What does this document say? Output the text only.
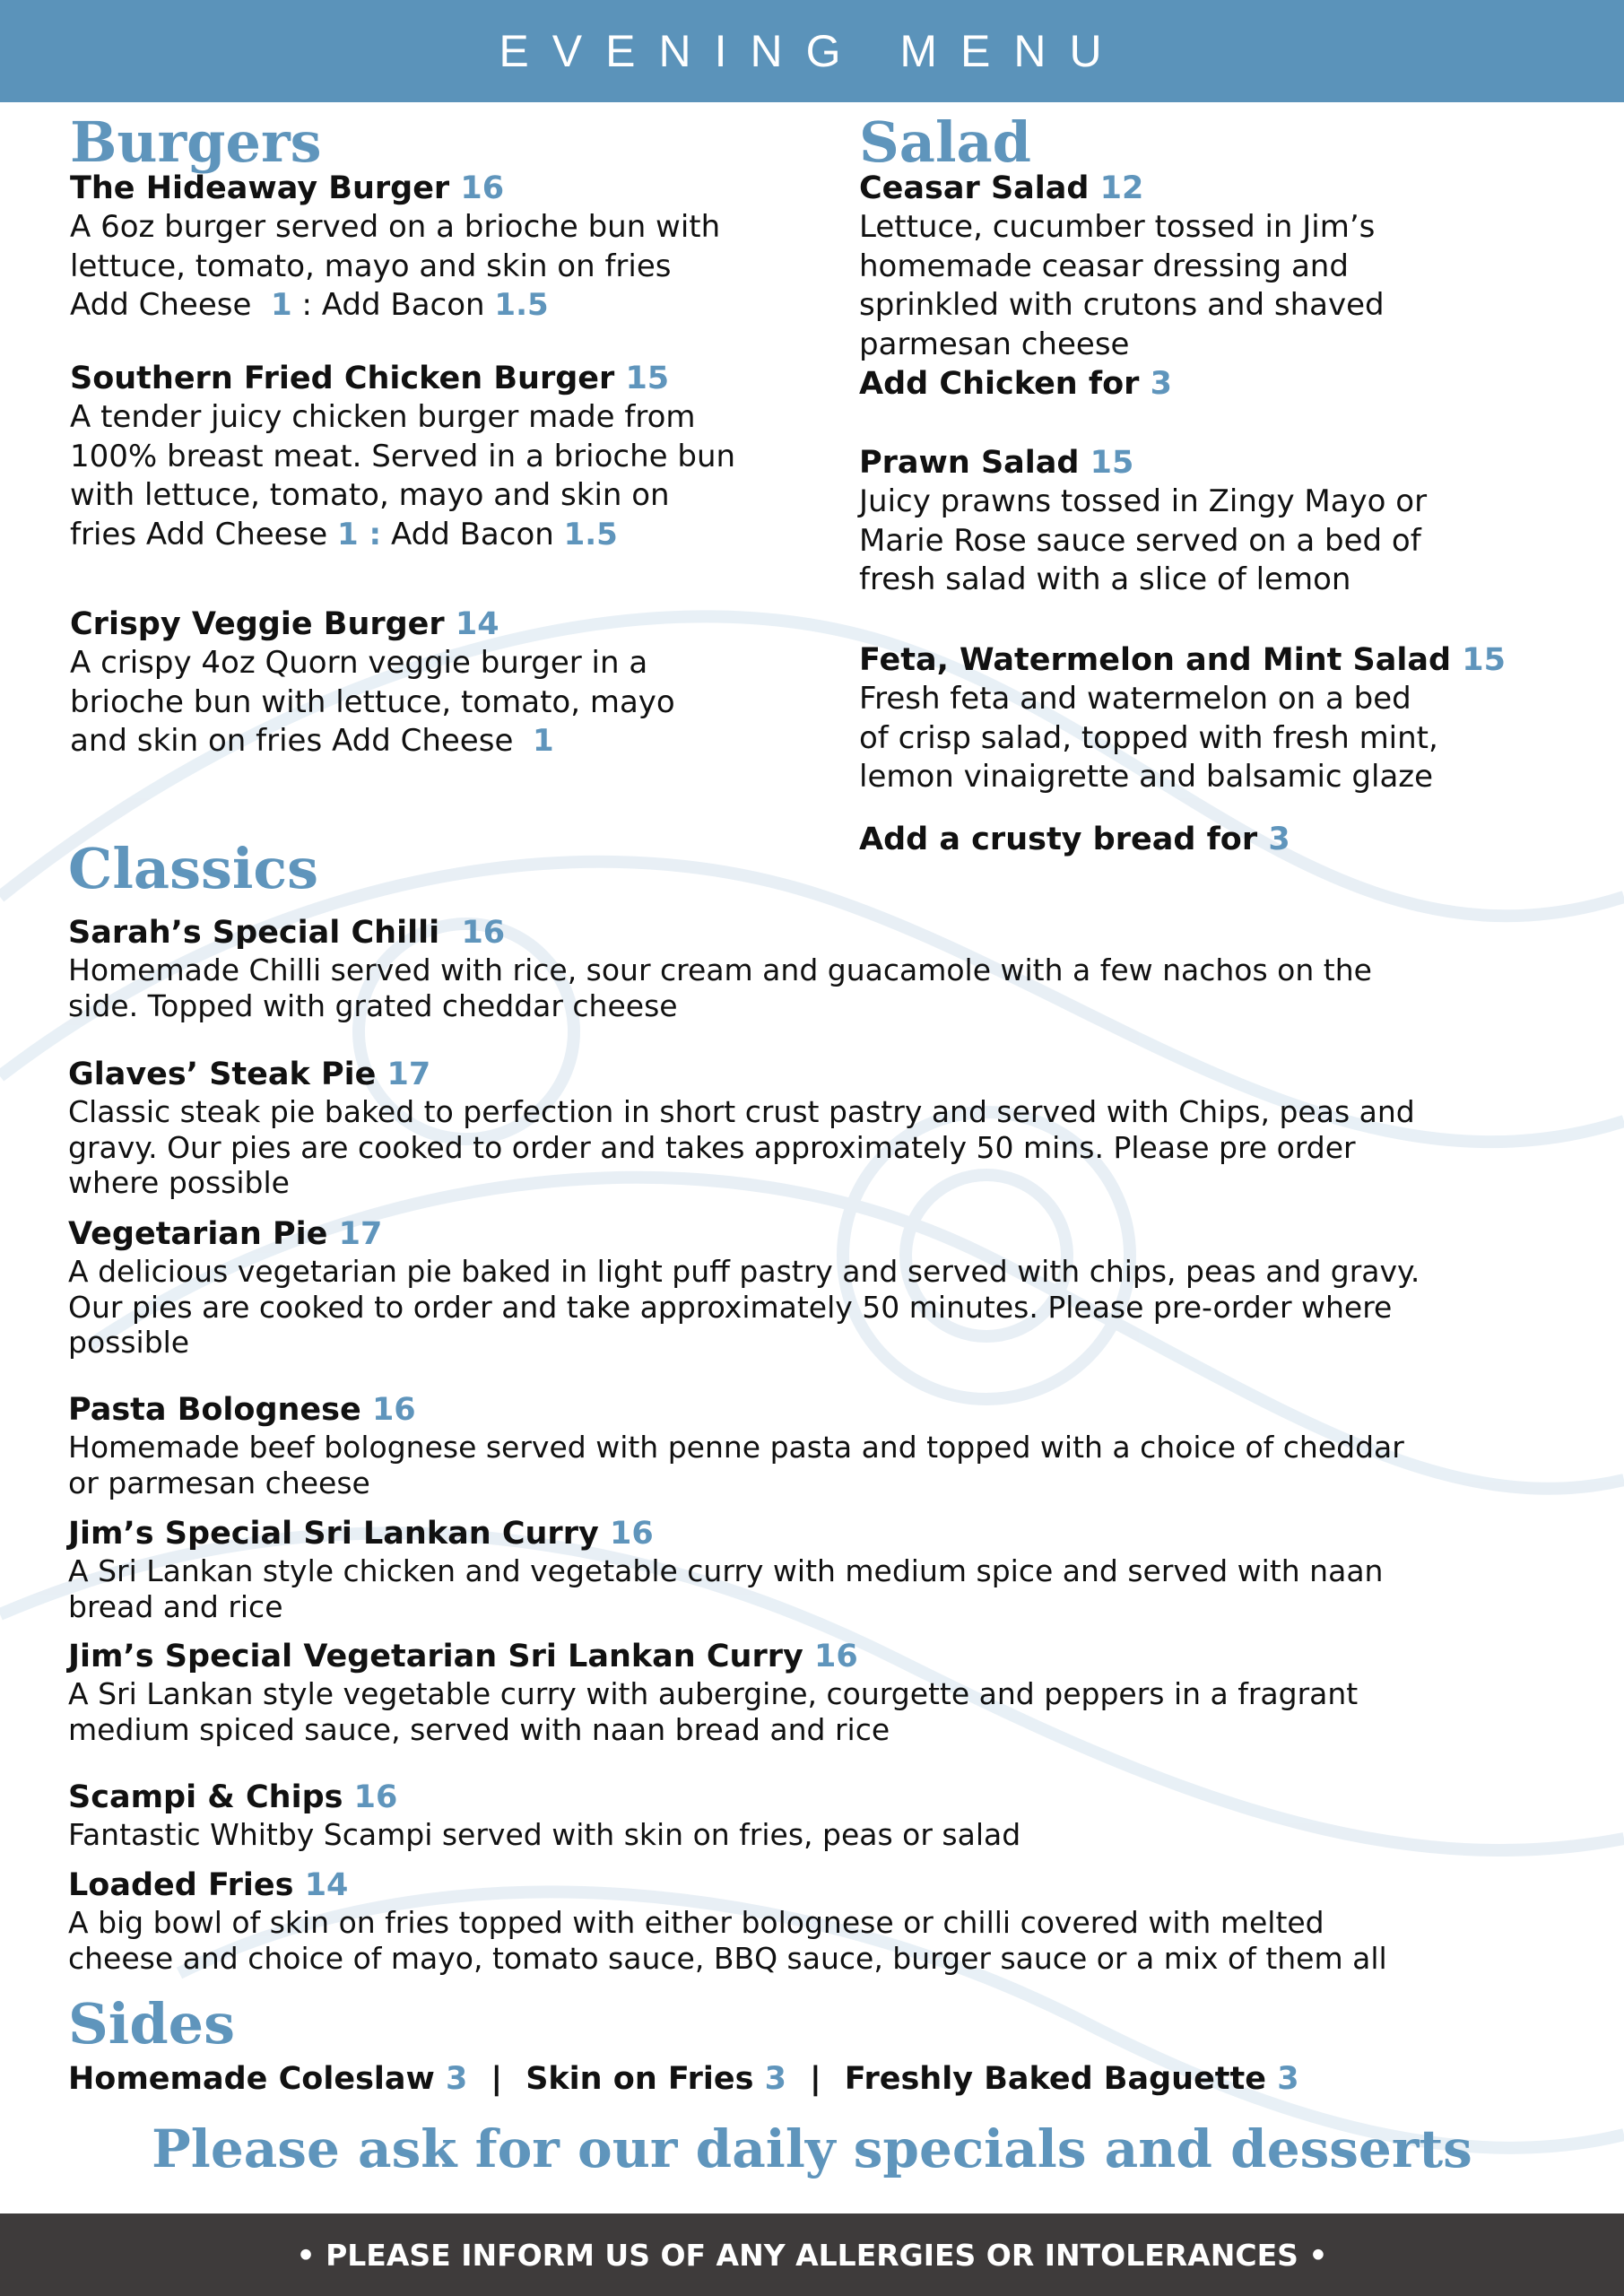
EVENING MENU
Burgers
The Hideaway Burger 16
A 6oz burger served on a brioche bun with
lettuce, tomato, mayo and skin on fries
Add Cheese 1 : Add Bacon 1.5
Southern Fried Chicken Burger 15
A tender juicy chicken burger made from
100% breast meat. Served in a brioche bun
with lettuce, tomato, mayo and skin on
fries Add Cheese 1 : Add Bacon 1.5
Crispy Veggie Burger 14
A crispy 4oz Quorn veggie burger in a
brioche bun with lettuce, tomato, mayo
and skin on fries Add Cheese 1
Salad
Ceasar Salad 12
Lettuce, cucumber tossed in Jim’s
homemade ceasar dressing and
sprinkled with crutons and shaved
parmesan cheese
Add Chicken for 3
Prawn Salad 15
Juicy prawns tossed in Zingy Mayo or
Marie Rose sauce served on a bed of
fresh salad with a slice of lemon
Feta, Watermelon and Mint Salad 15
Fresh feta and watermelon on a bed
of crisp salad, topped with fresh mint,
lemon vinaigrette and balsamic glaze
Add a crusty bread for 3
Classics
Sarah’s Special Chilli 16
Homemade Chilli served with rice, sour cream and guacamole with a few nachos on the
side. Topped with grated cheddar cheese
Glaves’ Steak Pie 17
Classic steak pie baked to perfection in short crust pastry and served with Chips, peas and
gravy. Our pies are cooked to order and takes approximately 50 mins. Please pre order
where possible
Vegetarian Pie 17
A delicious vegetarian pie baked in light puff pastry and served with chips, peas and gravy.
Our pies are cooked to order and take approximately 50 minutes. Please pre-order where
possible
Pasta Bolognese 16
Homemade beef bolognese served with penne pasta and topped with a choice of cheddar
or parmesan cheese
Jim’s Special Sri Lankan Curry 16
A Sri Lankan style chicken and vegetable curry with medium spice and served with naan
bread and rice
Jim’s Special Vegetarian Sri Lankan Curry 16
A Sri Lankan style vegetable curry with aubergine, courgette and peppers in a fragrant
medium spiced sauce, served with naan bread and rice
Scampi & Chips 16
Fantastic Whitby Scampi served with skin on fries, peas or salad
Loaded Fries 14
A big bowl of skin on fries topped with either bolognese or chilli covered with melted
cheese and choice of mayo, tomato sauce, BBQ sauce, burger sauce or a mix of them all
Sides
Homemade Coleslaw 3 | Skin on Fries 3 | Freshly Baked Baguette 3
Please ask for our daily specials and desserts
• PLEASE INFORM US OF ANY ALLERGIES OR INTOLERANCES •
